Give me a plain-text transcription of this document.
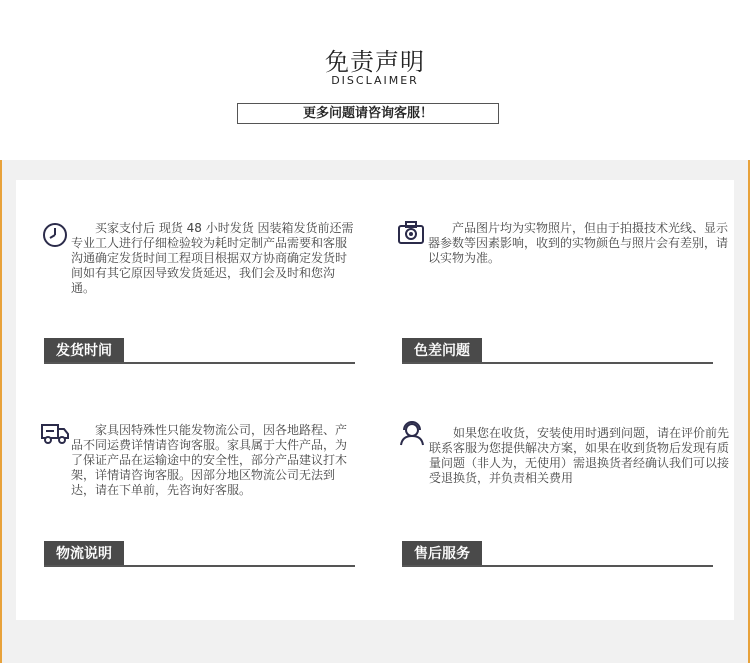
免责声明
DISCLAIMER
更多问题请咨询客服！
买家支付后 现货 48 小时发货 因装箱发货前还需专业工人进行仔细检验较为耗时定制产品需要和客服沟通确定发货时间工程项目根据双方协商确定发货时间如有其它原因导致发货延迟，我们会及时和您沟通。
发货时间
产品图片均为实物照片，但由于拍摄技术光线、显示器参数等因素影响，收到的实物颜色与照片会有差别，请以实物为准。
色差问题
家具因特殊性只能发物流公司，因各地路程、产品不同运费详情请咨询客服。家具属于大件产品，为了保证产品在运输途中的安全性，部分产品建议打木架，详情请咨询客服。因部分地区物流公司无法到达，请在下单前，先咨询好客服。
物流说明
如果您在收货，安装使用时遇到问题，请在评价前先联系客服为您提供解决方案，如果在收到货物后发现有质量问题（非人为，无使用）需退换货者经确认我们可以接受退换货，并负责相关费用
售后服务
